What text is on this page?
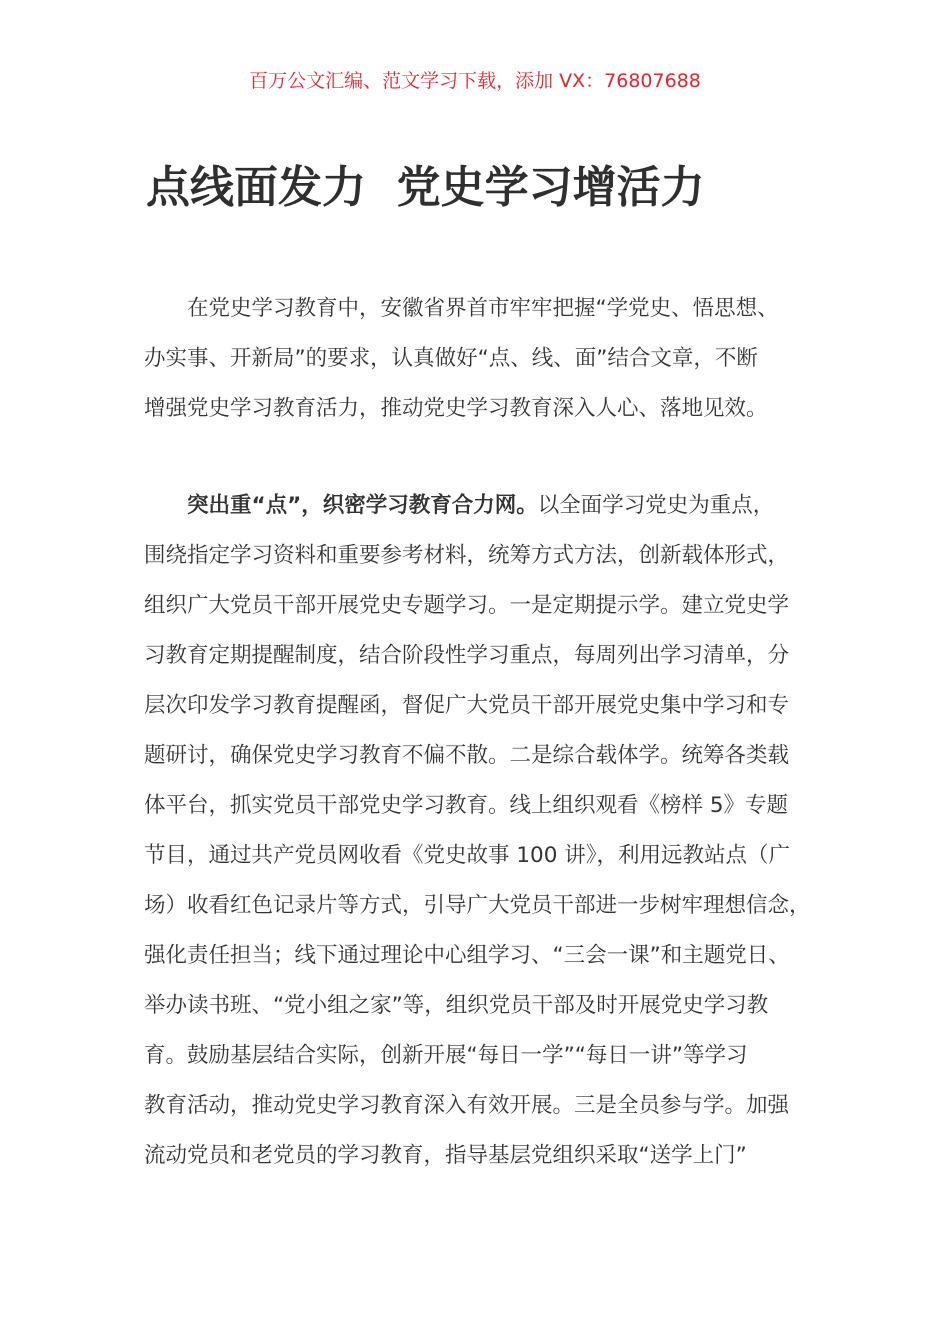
百万公文汇编、范文学习下载，添加 VX：76807688
点线面发力  党史学习增活力
在党史学习教育中，安徽省界首市牢牢把握“学党史、悟思想、
办实事、开新局”的要求，认真做好“点、线、面”结合文章，不断
增强党史学习教育活力，推动党史学习教育深入人心、落地见效。
突出重“点”，织密学习教育合力网。以全面学习党史为重点，
围绕指定学习资料和重要参考材料，统筹方式方法，创新载体形式，
组织广大党员干部开展党史专题学习。一是定期提示学。建立党史学
习教育定期提醒制度，结合阶段性学习重点，每周列出学习清单，分
层次印发学习教育提醒函，督促广大党员干部开展党史集中学习和专
题研讨，确保党史学习教育不偏不散。二是综合载体学。统筹各类载
体平台，抓实党员干部党史学习教育。线上组织观看《榜样 5》专题
节目，通过共产党员网收看《党史故事 100 讲》，利用远教站点（广
场）收看红色记录片等方式，引导广大党员干部进一步树牢理想信念，
强化责任担当；线下通过理论中心组学习、“三会一课”和主题党日、
举办读书班、“党小组之家”等，组织党员干部及时开展党史学习教
育。鼓励基层结合实际，创新开展“每日一学”“每日一讲”等学习
教育活动，推动党史学习教育深入有效开展。三是全员参与学。加强
流动党员和老党员的学习教育，指导基层党组织采取“送学上门”
